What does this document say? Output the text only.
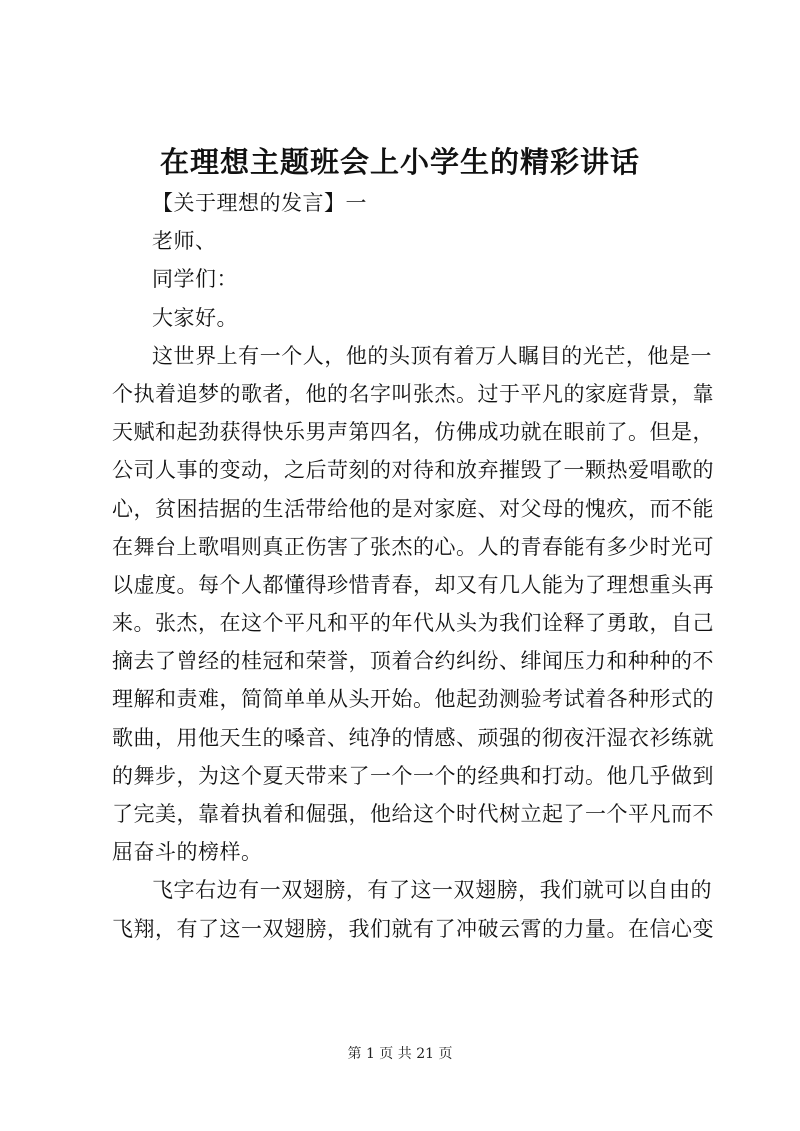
在理想主题班会上小学生的精彩讲话

【关于理想的发言】一

老师、

同学们：

大家好。

这世界上有一个人，他的头顶有着万人瞩目的光芒，他是一

个执着追梦的歌者，他的名字叫张杰。过于平凡的家庭背景，靠

天赋和起劲获得快乐男声第四名，仿佛成功就在眼前了。但是，

公司人事的变动，之后苛刻的对待和放弃摧毁了一颗热爱唱歌的

心，贫困拮据的生活带给他的是对家庭、对父母的愧疚，而不能

在舞台上歌唱则真正伤害了张杰的心。人的青春能有多少时光可

以虚度。每个人都懂得珍惜青春，却又有几人能为了理想重头再

来。张杰，在这个平凡和平的年代从头为我们诠释了勇敢，自己

摘去了曾经的桂冠和荣誉，顶着合约纠纷、绯闻压力和种种的不

理解和责难，简简单单从头开始。他起劲测验考试着各种形式的

歌曲，用他天生的嗓音、纯净的情感、顽强的彻夜汗湿衣衫练就

的舞步，为这个夏天带来了一个一个的经典和打动。他几乎做到

了完美，靠着执着和倔强，他给这个时代树立起了一个平凡而不

屈奋斗的榜样。

飞字右边有一双翅膀，有了这一双翅膀，我们就可以自由的

飞翔，有了这一双翅膀，我们就有了冲破云霄的力量。在信心变

第 1 页 共 21 页
